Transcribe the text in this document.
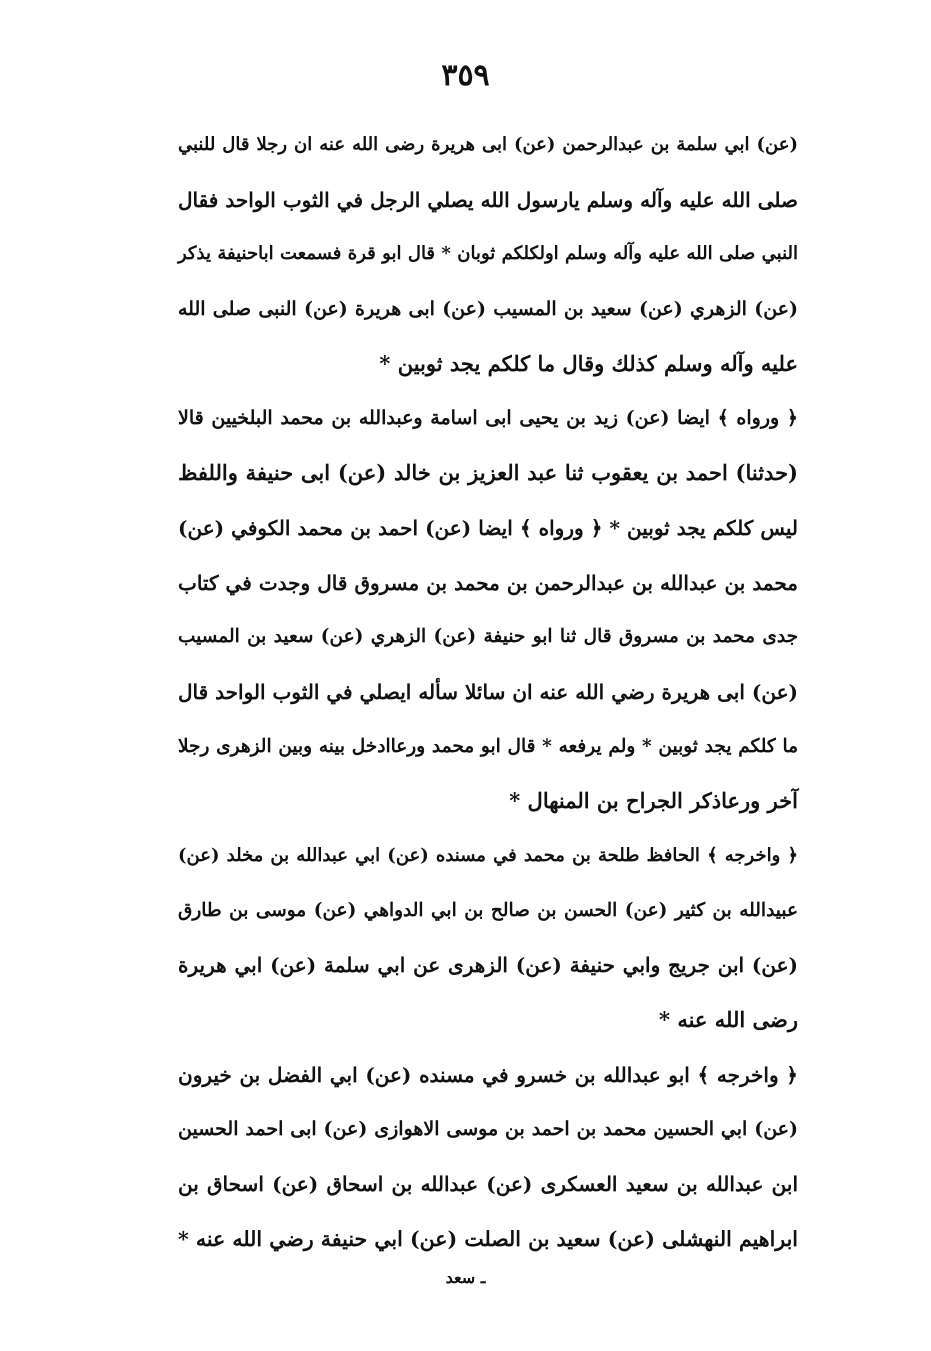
٣٥٩
(عن) ابي سلمة بن عبدالرحمن (عن) ابى هريرة رضى الله عنه ان رجلا قال للنبي
صلى الله عليه وآله وسلم يارسول الله يصلي الرجل في الثوب الواحد فقال
النبي صلى الله عليه وآله وسلم اولكلكم ثوبان * قال ابو قرة فسمعت اباحنيفة يذكر
(عن) الزهري (عن) سعيد بن المسيب (عن) ابى هريرة (عن) النبى صلى الله
عليه وآله وسلم كذلك وقال ما كلكم يجد ثوبين *
﴿ ورواه ﴾ ايضا (عن) زيد بن يحيى ابى اسامة وعبدالله بن محمد البلخيين قالا
(حدثنا) احمد بن يعقوب ثنا عبد العزيز بن خالد (عن) ابى حنيفة واللفظ
ليس كلكم يجد ثوبين * ﴿ ورواه ﴾ ايضا (عن) احمد بن محمد الكوفي (عن)
محمد بن عبدالله بن عبدالرحمن بن محمد بن مسروق قال وجدت في كتاب
جدى محمد بن مسروق قال ثنا ابو حنيفة (عن) الزهري (عن) سعيد بن المسيب
(عن) ابى هريرة رضي الله عنه ان سائلا سأله ايصلي في الثوب الواحد قال
ما كلكم يجد ثوبين * ولم يرفعه * قال ابو محمد ورعاادخل بينه وبين الزهرى رجلا
آخر ورعاذكر الجراح بن المنهال *
﴿ واخرجه ﴾ الحافظ طلحة بن محمد في مسنده (عن) ابي عبدالله بن مخلد (عن)
عبيدالله بن كثير (عن) الحسن بن صالح بن ابي الدواهي (عن) موسى بن طارق
(عن) ابن جريج وابي حنيفة (عن) الزهرى عن ابي سلمة (عن) ابي هريرة
رضى الله عنه *
﴿ واخرجه ﴾ ابو عبدالله بن خسرو في مسنده (عن) ابي الفضل بن خيرون
(عن) ابي الحسين محمد بن احمد بن موسى الاهوازى (عن) ابى احمد الحسين
ابن عبدالله بن سعيد العسكرى (عن) عبدالله بن اسحاق (عن) اسحاق بن
ابراهيم النهشلى (عن) سعيد بن الصلت (عن) ابي حنيفة رضي الله عنه *
ـ سعد
